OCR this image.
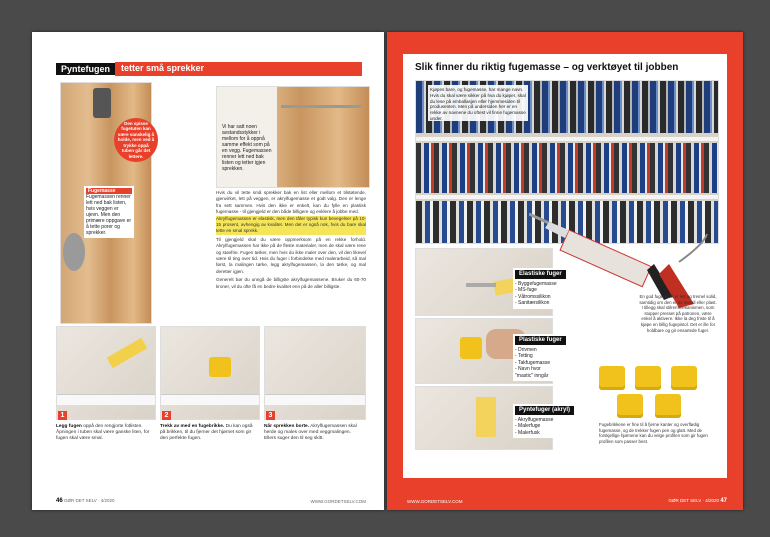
Pyntefugen	tetter små sprekker
Den spisse fugetuten kan være vanskelig å holde, men ved å trykke oppå tuben går det lettere.
Fugemasse
Fugemassen renner lett ned bak listen, hvis veggen er ujevn. Men den primære oppgave er å tette porer og sprekker.
Vi har satt noen avstandsstykker i mellom for å oppnå samme effekt som på en vegg. Fugemassen renner lett ned bak listen og tetter igjen sprekken.
Hvis du vil tette små sprekker bak en list eller mellom et tilstøtende, gjenvirket, lett på veggen, er akrylfugemasse et godt valg. Den er lenge fra sett sammen. Hvis den ikke er enkelt, kan du fylle en plastisk fugemasse - til gjengjeld er den både billigere og enklere å jobbe med.
Akrylfugemassen er elastisk, men den tåler typisk kun bevegelser på 10-15 prosent, avhengig av kvalitet. Men det er også nok, hvis du bare skal tette en smal sprekk.
Til gjengjeld skal du være oppmerksom på en rekke forhold. Akrylfugemassen har ikke på de fleste materialer, men de skal være rene og støvfrie. Fugen tørker, men hvis du ikke maler over den, vil den likevel være til ting over tid. Hvis du fuger i forbindelse med malerarbeid, så mal først, la malingen tørke, legg akrylfugemassen, la den tørke, og mal deretter igjen.
Generelt bør du unngå de billigste akrylfugemassene. Bruker du 60-70 kroner, vil du ofte få en bedre kvalitet enn på de aller billigste.
1	2	3
Legg fugen oppå den rengjorte fotlisten. Åpningen i tuben skal være ganske liten, for fugen skal være smal.
Trekk av med en fugebrikke. Du kan også på brikken, til du fjerner det hjørnet som gir den perfekte fugen.
Når sprekken borte. Akrylfugemassen skal herde og males over med veggmalingen. Ellers suger den til seg skitt.
46 GØR DET SELV · 4/2020	WWW.GORDETSELV.COM
Slik finner du riktig fugemasse – og verktøyet til jobben
Kjøpes bare, og fugemasse, har mange navn. Hvis du skal være sikker på hva du kjøper, skal du lese på emballasjen eller hjemmesiden til produsenten. Men på undersiden her er en rekke av navnene du oftest vil finne fugemasse under.
Elastiske fuger
- Byggefugemasse
- MS-fuge
- Våtromssilikon
- Sanitærsilikon
Plastiske fuger
- Drivmen
- Tetting
- Takfugemasse
- Navn hvor
"mastic" inngår
Pyntefuger (akryl)
- Akrylfugemasse
- Malerfuge
- Malerfusk
En god fugepistol er lett og tremel solid, samtidig om den er av metall eller plast. I tillegg skal stilremmekanismen, som stopper presset på patronen, være enkel å aktivere. Ikke la deg friste til å kjøpe en billig fugepistol. Det er ille for holdbare og gir ensartede fuger.
Fugebrikkene er fine til å fjerne kanter og overflødig fugemasse, og de trekker fugen pen og glatt. Med de forskjellige hjørnene kan du velge profilen som gir fugen profilen som passer best.
WWW.GORDETSELV.COM	GØR DET SELV · 4/2020 47
